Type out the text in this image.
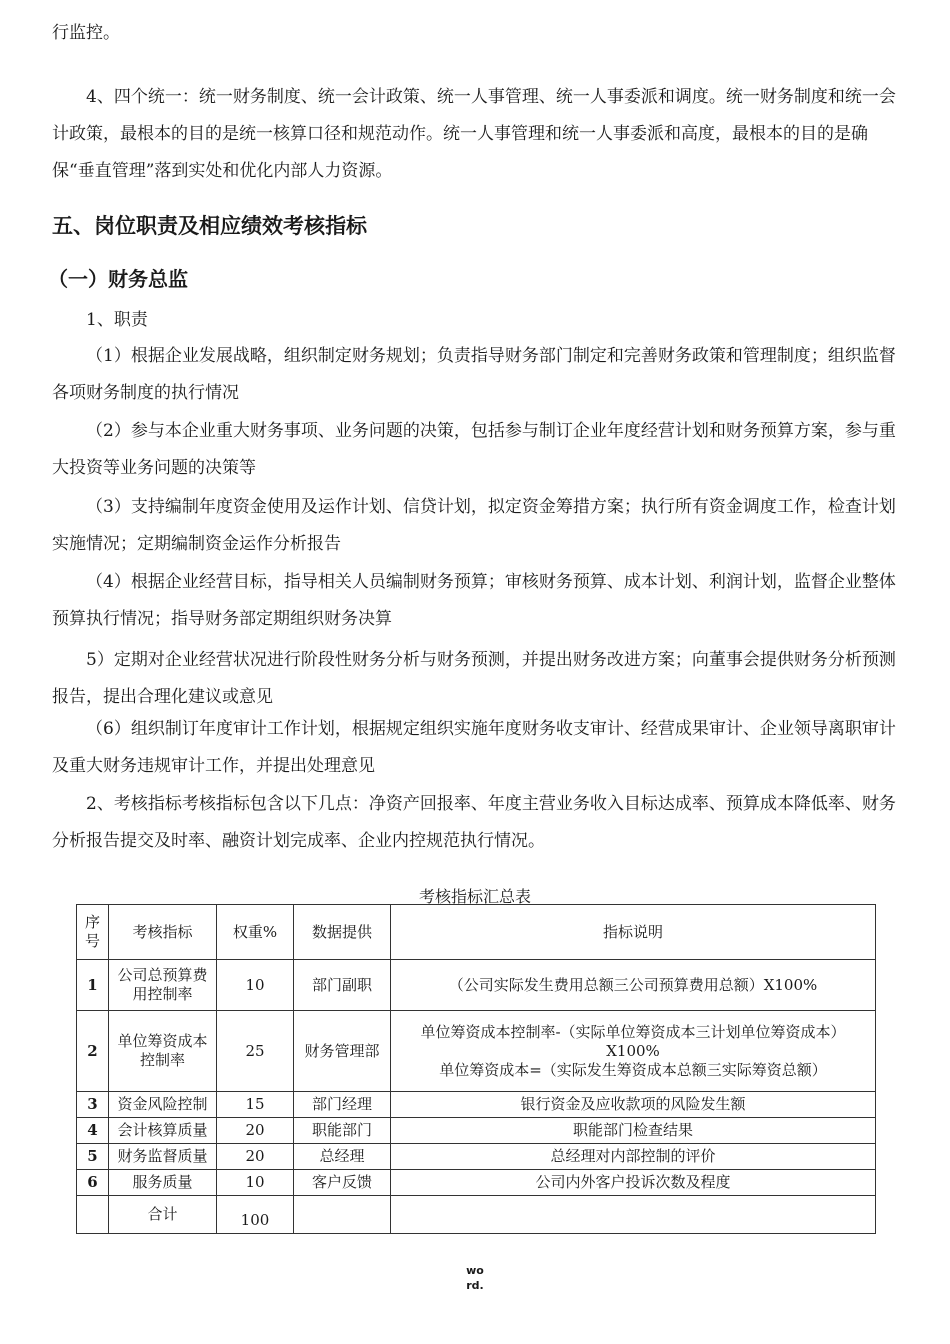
行监控。

4、四个统一：统一财务制度、统一会计政策、统一人事管理、统一人事委派和调度。统一财务制度和统一会计政策，最根本的目的是统一核算口径和规范动作。统一人事管理和统一人事委派和高度，最根本的目的是确保“垂直管理”落到实处和优化内部人力资源。

五、岗位职责及相应绩效考核指标
（一）财务总监

1、职责

（1）根据企业发展战略，组织制定财务规划；负责指导财务部门制定和完善财务政策和管理制度；组织监督各项财务制度的执行情况

（2）参与本企业重大财务事项、业务问题的决策，包括参与制订企业年度经营计划和财务预算方案，参与重大投资等业务问题的决策等

（3）支持编制年度资金使用及运作计划、信贷计划，拟定资金筹措方案；执行所有资金调度工作，检查计划实施情况；定期编制资金运作分析报告

（4）根据企业经营目标，指导相关人员编制财务预算；审核财务预算、成本计划、利润计划，监督企业整体预算执行情况；指导财务部定期组织财务决算

5）定期对企业经营状况进行阶段性财务分析与财务预测，并提出财务改进方案；向董事会提供财务分析预测报告，提出合理化建议或意见

（6）组织制订年度审计工作计划，根据规定组织实施年度财务收支审计、经营成果审计、企业领导离职审计及重大财务违规审计工作，并提出处理意见

2、考核指标考核指标包含以下几点：净资产回报率、年度主营业务收入目标达成率、预算成本降低率、财务分析报告提交及时率、融资计划完成率、企业内控规范执行情况。

考核指标汇总表

序号	考核指标	权重%	数据提供	指标说明
1	公司总预算费用控制率	10	部门副职	（公司实际发生费用总额三公司预算费用总额）X100%
2	单位筹资成本控制率	25	财务管理部	单位筹资成本控制率-（实际单位筹资成本三计划单位筹资成本）X100%
单位筹资成本=（实际发生筹资成本总额三实际筹资总额）

3	资金风险控制	15	部门经理	银行资金及应收款项的风险发生额
4	会计核算质量	20	职能部门	职能部门检查结果
5	财务监督质量	20	总经理	总经理对内部控制的评价
6	服务质量	10	客户反馈	公司内外客户投诉次数及程度
	合计	100		
word.
